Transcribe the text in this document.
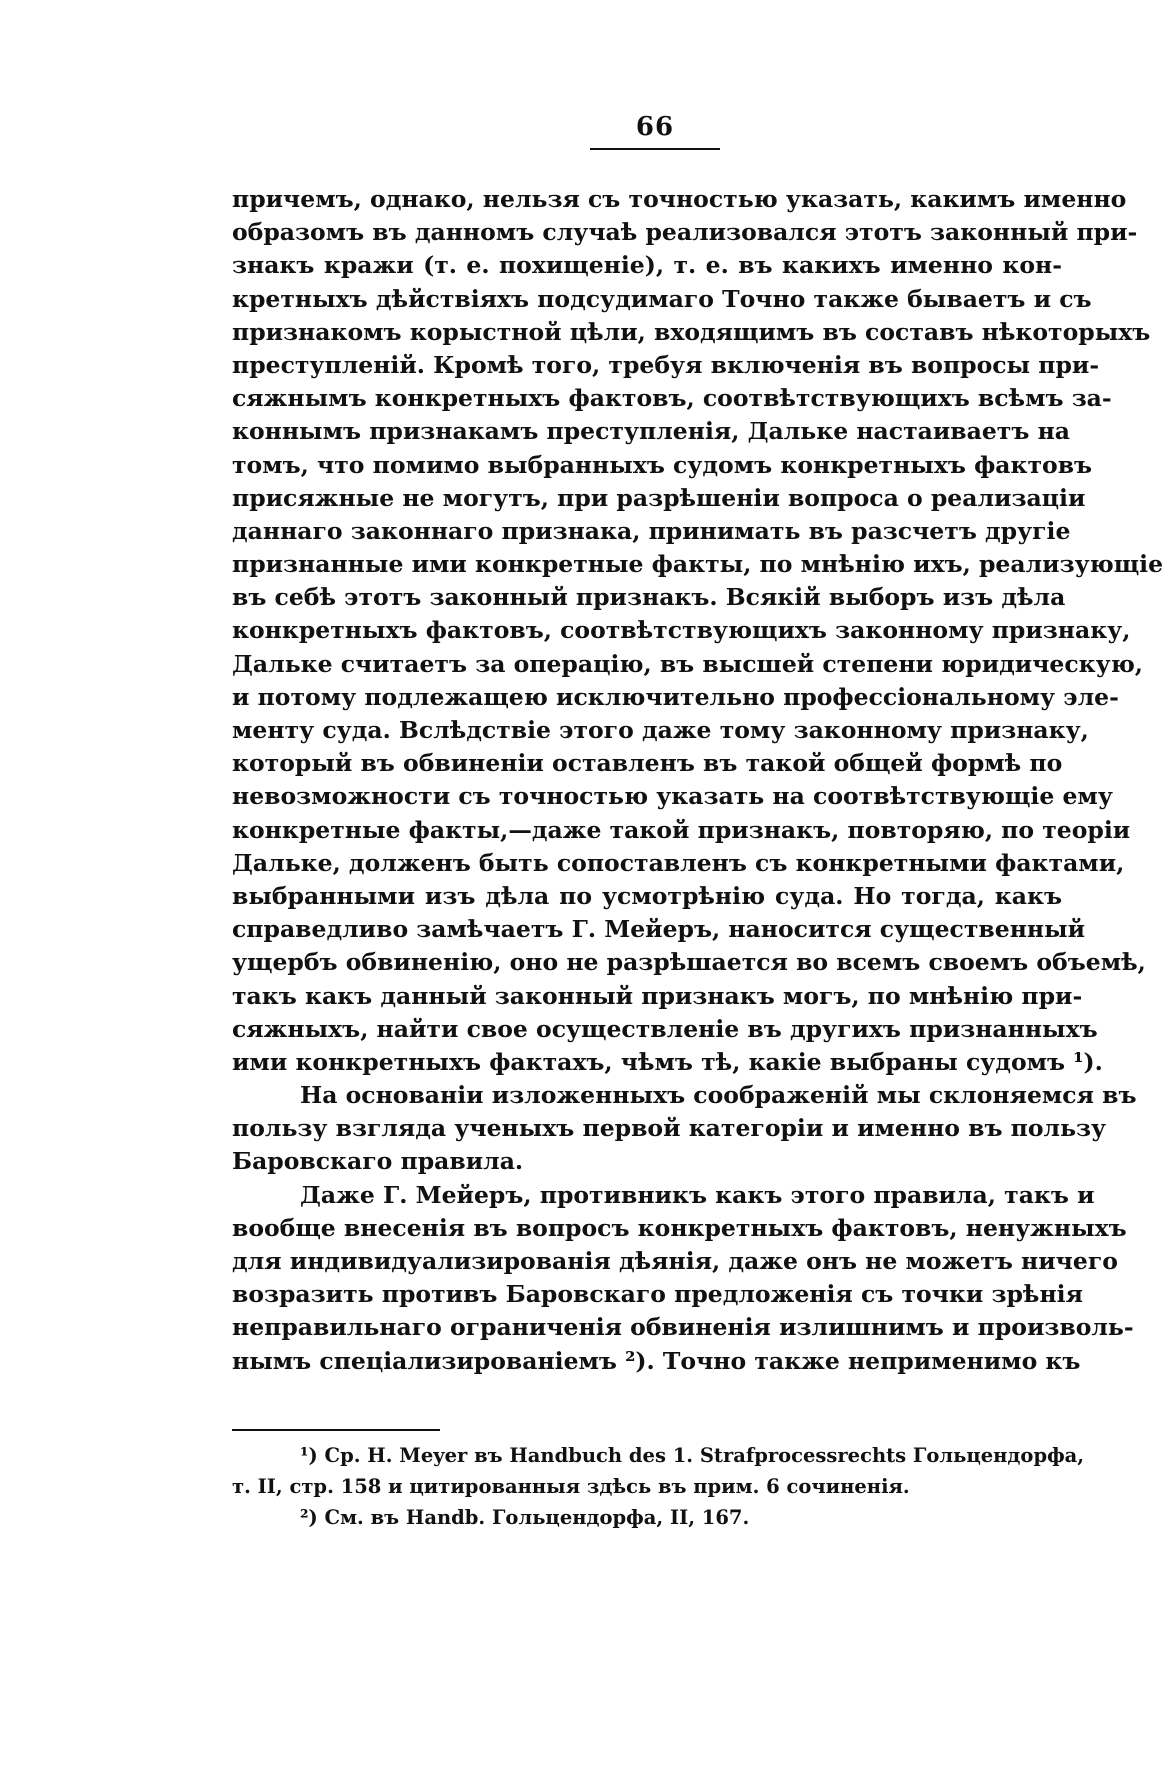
66
причемъ, однако, нельзя съ точностью указать, какимъ именно
образомъ въ данномъ случаѣ реализовался этотъ законный при-
знакъ кражи (т. е. похищеніе), т. е. въ какихъ именно кон-
кретныхъ дѣйствіяхъ подсудимаго Точно также бываетъ и съ
признакомъ корыстной цѣли, входящимъ въ составъ нѣкоторыхъ
преступленій. Кромѣ того, требуя включенія въ вопросы при-
сяжнымъ конкретныхъ фактовъ, соотвѣтствующихъ всѣмъ за-
коннымъ признакамъ преступленія, Дальке настаиваетъ на
томъ, что помимо выбранныхъ судомъ конкретныхъ фактовъ
присяжные не могутъ, при разрѣшеніи вопроса о реализаціи
даннаго законнаго признака, принимать въ разсчетъ другіе
признанные ими конкретные факты, по мнѣнію ихъ, реализующіе
въ себѣ этотъ законный признакъ. Всякій выборъ изъ дѣла
конкретныхъ фактовъ, соотвѣтствующихъ законному признаку,
Дальке считаетъ за операцію, въ высшей степени юридическую,
и потому подлежащею исключительно профессіональному эле-
менту суда. Вслѣдствіе этого даже тому законному признаку,
который въ обвиненіи оставленъ въ такой общей формѣ по
невозможности съ точностью указать на соотвѣтствующіе ему
конкретные факты,—даже такой признакъ, повторяю, по теоріи
Дальке, долженъ быть сопоставленъ съ конкретными фактами,
выбранными изъ дѣла по усмотрѣнію суда. Но тогда, какъ
справедливо замѣчаетъ Г. Мейеръ, наносится существенный
ущербъ обвиненію, оно не разрѣшается во всемъ своемъ объемѣ,
такъ какъ данный законный признакъ могъ, по мнѣнію при-
сяжныхъ, найти свое осуществленіе въ другихъ признанныхъ
ими конкретныхъ фактахъ, чѣмъ тѣ, какіе выбраны судомъ ¹).
На основаніи изложенныхъ соображеній мы склоняемся въ
пользу взгляда ученыхъ первой категоріи и именно въ пользу
Баровскаго правила.
Даже Г. Мейеръ, противникъ какъ этого правила, такъ и
вообще внесенія въ вопросъ конкретныхъ фактовъ, ненужныхъ
для индивидуализированія дѣянія, даже онъ не можетъ ничего
возразить противъ Баровскаго предложенія съ точки зрѣнія
неправильнаго ограниченія обвиненія излишнимъ и произволь-
нымъ спеціализированіемъ ²). Точно также неприменимо къ
¹) Cp. H. Meyer въ Handbuch des 1. Strafprocessrechts Гольцендорфа,
т. II, стр. 158 и цитированныя здѣсь въ прим. 6 сочиненія.
²) См. въ Handb. Гольцендорфа, II, 167.
